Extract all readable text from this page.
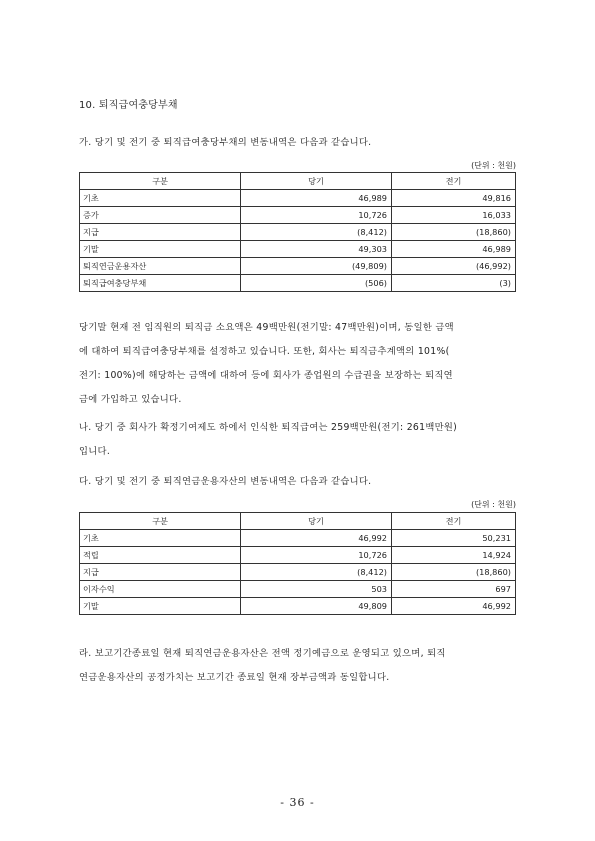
10. 퇴직급여충당부채
가. 당기 및 전기 중 퇴직급여충당부채의 변동내역은 다음과 같습니다.
(단위 : 천원)
구분	당기	전기
기초	46,989	49,816
증가	10,726	16,033
지급	(8,412)	(18,860)
기말	49,303	46,989
퇴직연금운용자산	(49,809)	(46,992)
퇴직급여충당부채	(506)	(3)
당기말 현재 전 임직원의 퇴직금 소요액은 49백만원(전기말: 47백만원)이며, 동일한 금액
에 대하여 퇴직급여충당부채를 설정하고 있습니다. 또한, 회사는 퇴직금추계액의 101%(
전기: 100%)에 해당하는 금액에 대하여 등에 회사가 종업원의 수급권을 보장하는 퇴직연
금에 가입하고 있습니다.
나. 당기 중 회사가 확정기여제도 하에서 인식한 퇴직급여는 259백만원(전기: 261백만원)
입니다.
다. 당기 및 전기 중 퇴직연금운용자산의 변동내역은 다음과 같습니다.
(단위 : 천원)
구분	당기	전기
기초	46,992	50,231
적립	10,726	14,924
지급	(8,412)	(18,860)
이자수익	503	697
기말	49,809	46,992
라. 보고기간종료일 현재 퇴직연금운용자산은 전액 정기예금으로 운영되고 있으며, 퇴직
연금운용자산의 공정가치는 보고기간 종료일 현재 장부금액과 동일합니다.
- 36 -
